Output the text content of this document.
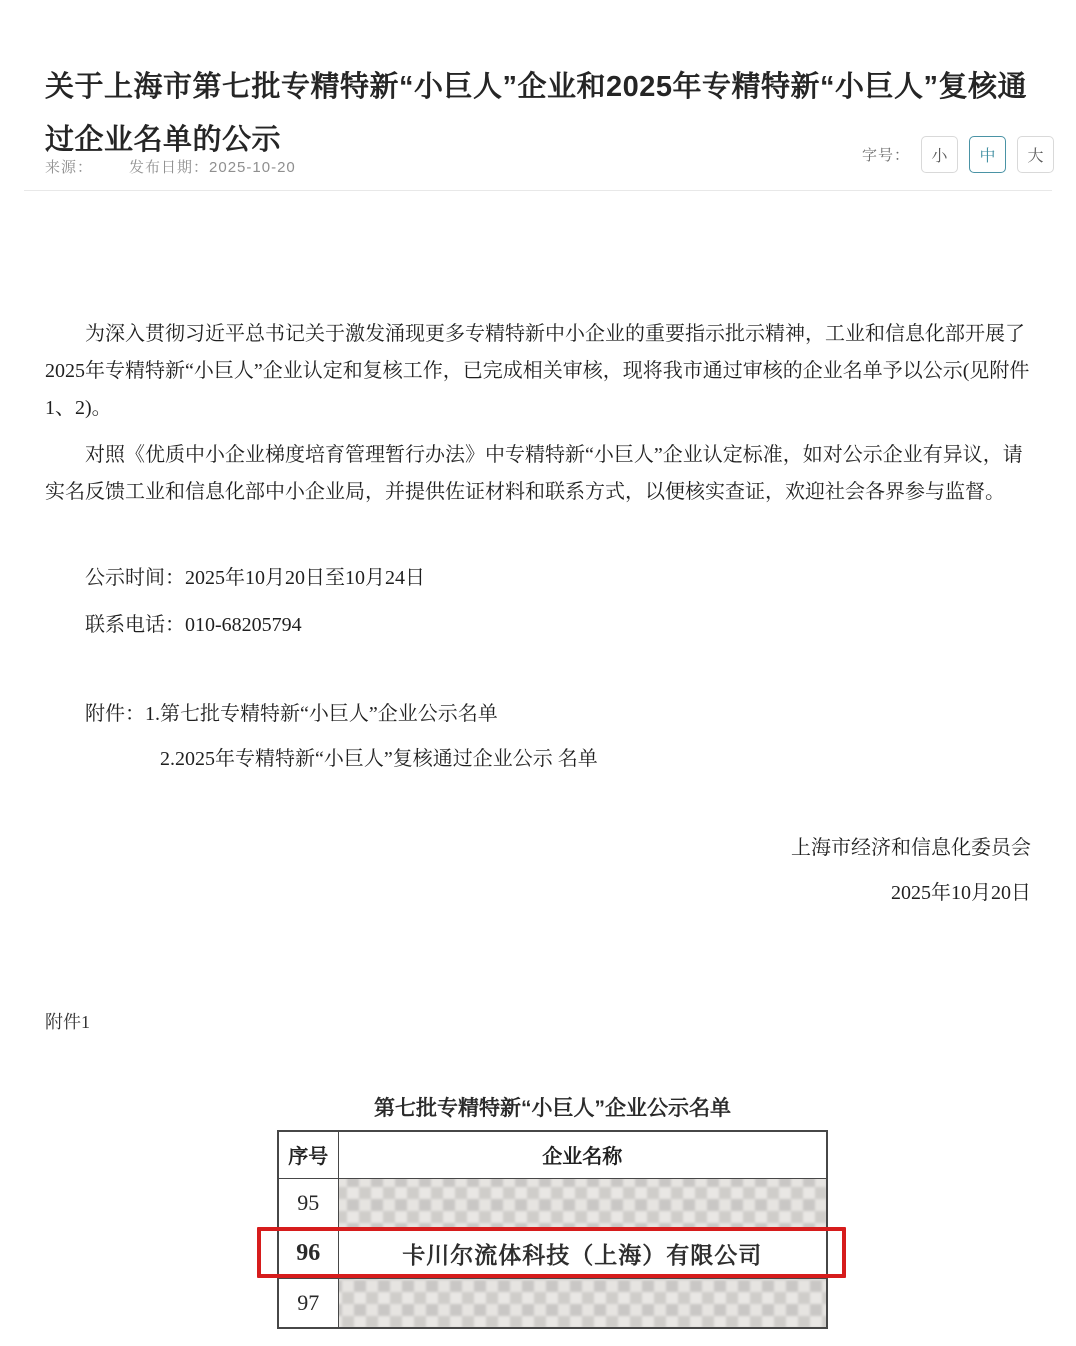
关于上海市第七批专精特新“小巨人”企业和2025年专精特新“小巨人”复核通过企业名单的公示
来源： 发布日期：2025-10-20
字号：	小	中	大

为深入贯彻习近平总书记关于激发涌现更多专精特新中小企业的重要指示批示精神，工业和信息化部开展了2025年专精特新“小巨人”企业认定和复核工作，已完成相关审核，现将我市通过审核的企业名单予以公示(见附件1、2)。

对照《优质中小企业梯度培育管理暂行办法》中专精特新“小巨人”企业认定标准，如对公示企业有异议，请实名反馈工业和信息化部中小企业局，并提供佐证材料和联系方式，以便核实查证，欢迎社会各界参与监督。

公示时间：2025年10月20日至10月24日

联系电话：010-68205794

附件：1.第七批专精特新“小巨人”企业公示名单

2.2025年专精特新“小巨人”复核通过企业公示 名单

上海市经济和信息化委员会

2025年10月20日

附件1
第七批专精特新“小巨人”企业公示名单
序号	企业名称
95	

96	卡川尔流体科技（上海）有限公司
97	
